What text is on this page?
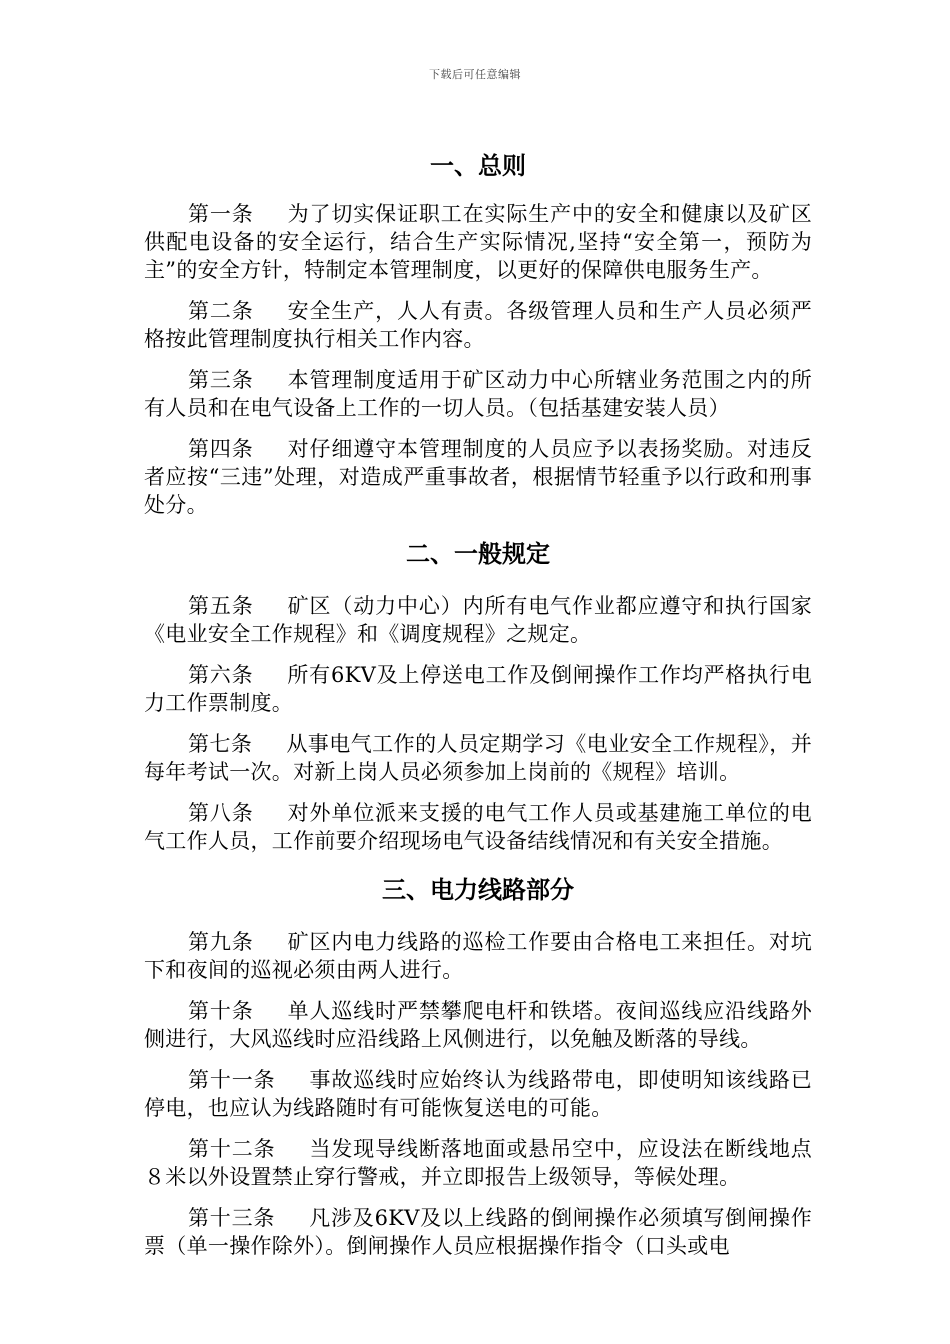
下载后可任意编辑
一、总则

第一条 为了切实保证职工在实际生产中的安全和健康以及矿区供配电设备的安全运行，结合生产实际情况,坚持“安全第一，预防为主”的安全方针，特制定本管理制度，以更好的保障供电服务生产。

第二条 安全生产，人人有责。各级管理人员和生产人员必须严格按此管理制度执行相关工作内容。

第三条 本管理制度适用于矿区动力中心所辖业务范围之内的所有人员和在电气设备上工作的一切人员。（包括基建安装人员）

第四条 对仔细遵守本管理制度的人员应予以表扬奖励。对违反者应按“三违”处理，对造成严重事故者，根据情节轻重予以行政和刑事处分。

二、一般规定

第五条 矿区（动力中心）内所有电气作业都应遵守和执行国家《电业安全工作规程》和《调度规程》之规定。

第六条 所有6KV及上停送电工作及倒闸操作工作均严格执行电力工作票制度。

第七条 从事电气工作的人员定期学习《电业安全工作规程》，并每年考试一次。对新上岗人员必须参加上岗前的《规程》培训。

第八条 对外单位派来支援的电气工作人员或基建施工单位的电气工作人员，工作前要介绍现场电气设备结线情况和有关安全措施。

三、电力线路部分

第九条 矿区内电力线路的巡检工作要由合格电工来担任。对坑下和夜间的巡视必须由两人进行。

第十条 单人巡线时严禁攀爬电杆和铁塔。夜间巡线应沿线路外侧进行，大风巡线时应沿线路上风侧进行，以免触及断落的导线。

第十一条 事故巡线时应始终认为线路带电，即使明知该线路已停电，也应认为线路随时有可能恢复送电的可能。

第十二条 当发现导线断落地面或悬吊空中，应设法在断线地点８米以外设置禁止穿行警戒，并立即报告上级领导，等候处理。

第十三条 凡涉及6KV及以上线路的倒闸操作必须填写倒闸操作票（单一操作除外）。倒闸操作人员应根据操作指令（口头或电
